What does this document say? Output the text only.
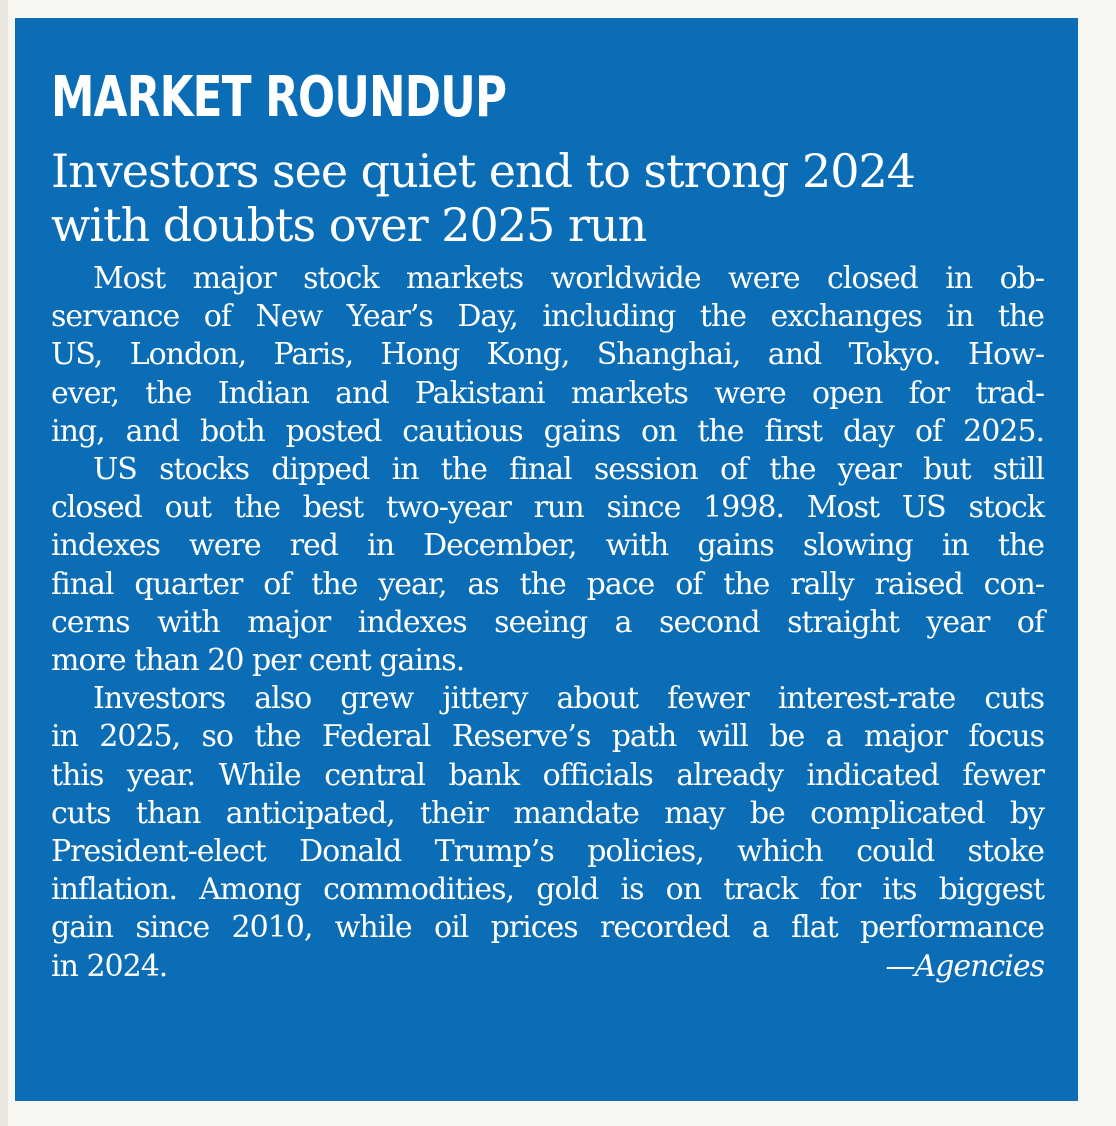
MARKET ROUNDUP
Investors see quiet end to strong 2024
with doubts over 2025 run
Most major stock markets worldwide were closed in ob-
servance of New Year’s Day, including the exchanges in the
US, London, Paris, Hong Kong, Shanghai, and Tokyo. How-
ever, the Indian and Pakistani markets were open for trad-
ing, and both posted cautious gains on the first day of 2025.
US stocks dipped in the final session of the year but still
closed out the best two-year run since 1998. Most US stock
indexes were red in December, with gains slowing in the
final quarter of the year, as the pace of the rally raised con-
cerns with major indexes seeing a second straight year of
more than 20 per cent gains.
Investors also grew jittery about fewer interest-rate cuts
in 2025, so the Federal Reserve’s path will be a major focus
this year. While central bank officials already indicated fewer
cuts than anticipated, their mandate may be complicated by
President-elect Donald Trump’s policies, which could stoke
inflation. Among commodities, gold is on track for its biggest
gain since 2010, while oil prices recorded a flat performance
in 2024.	—Agencies
